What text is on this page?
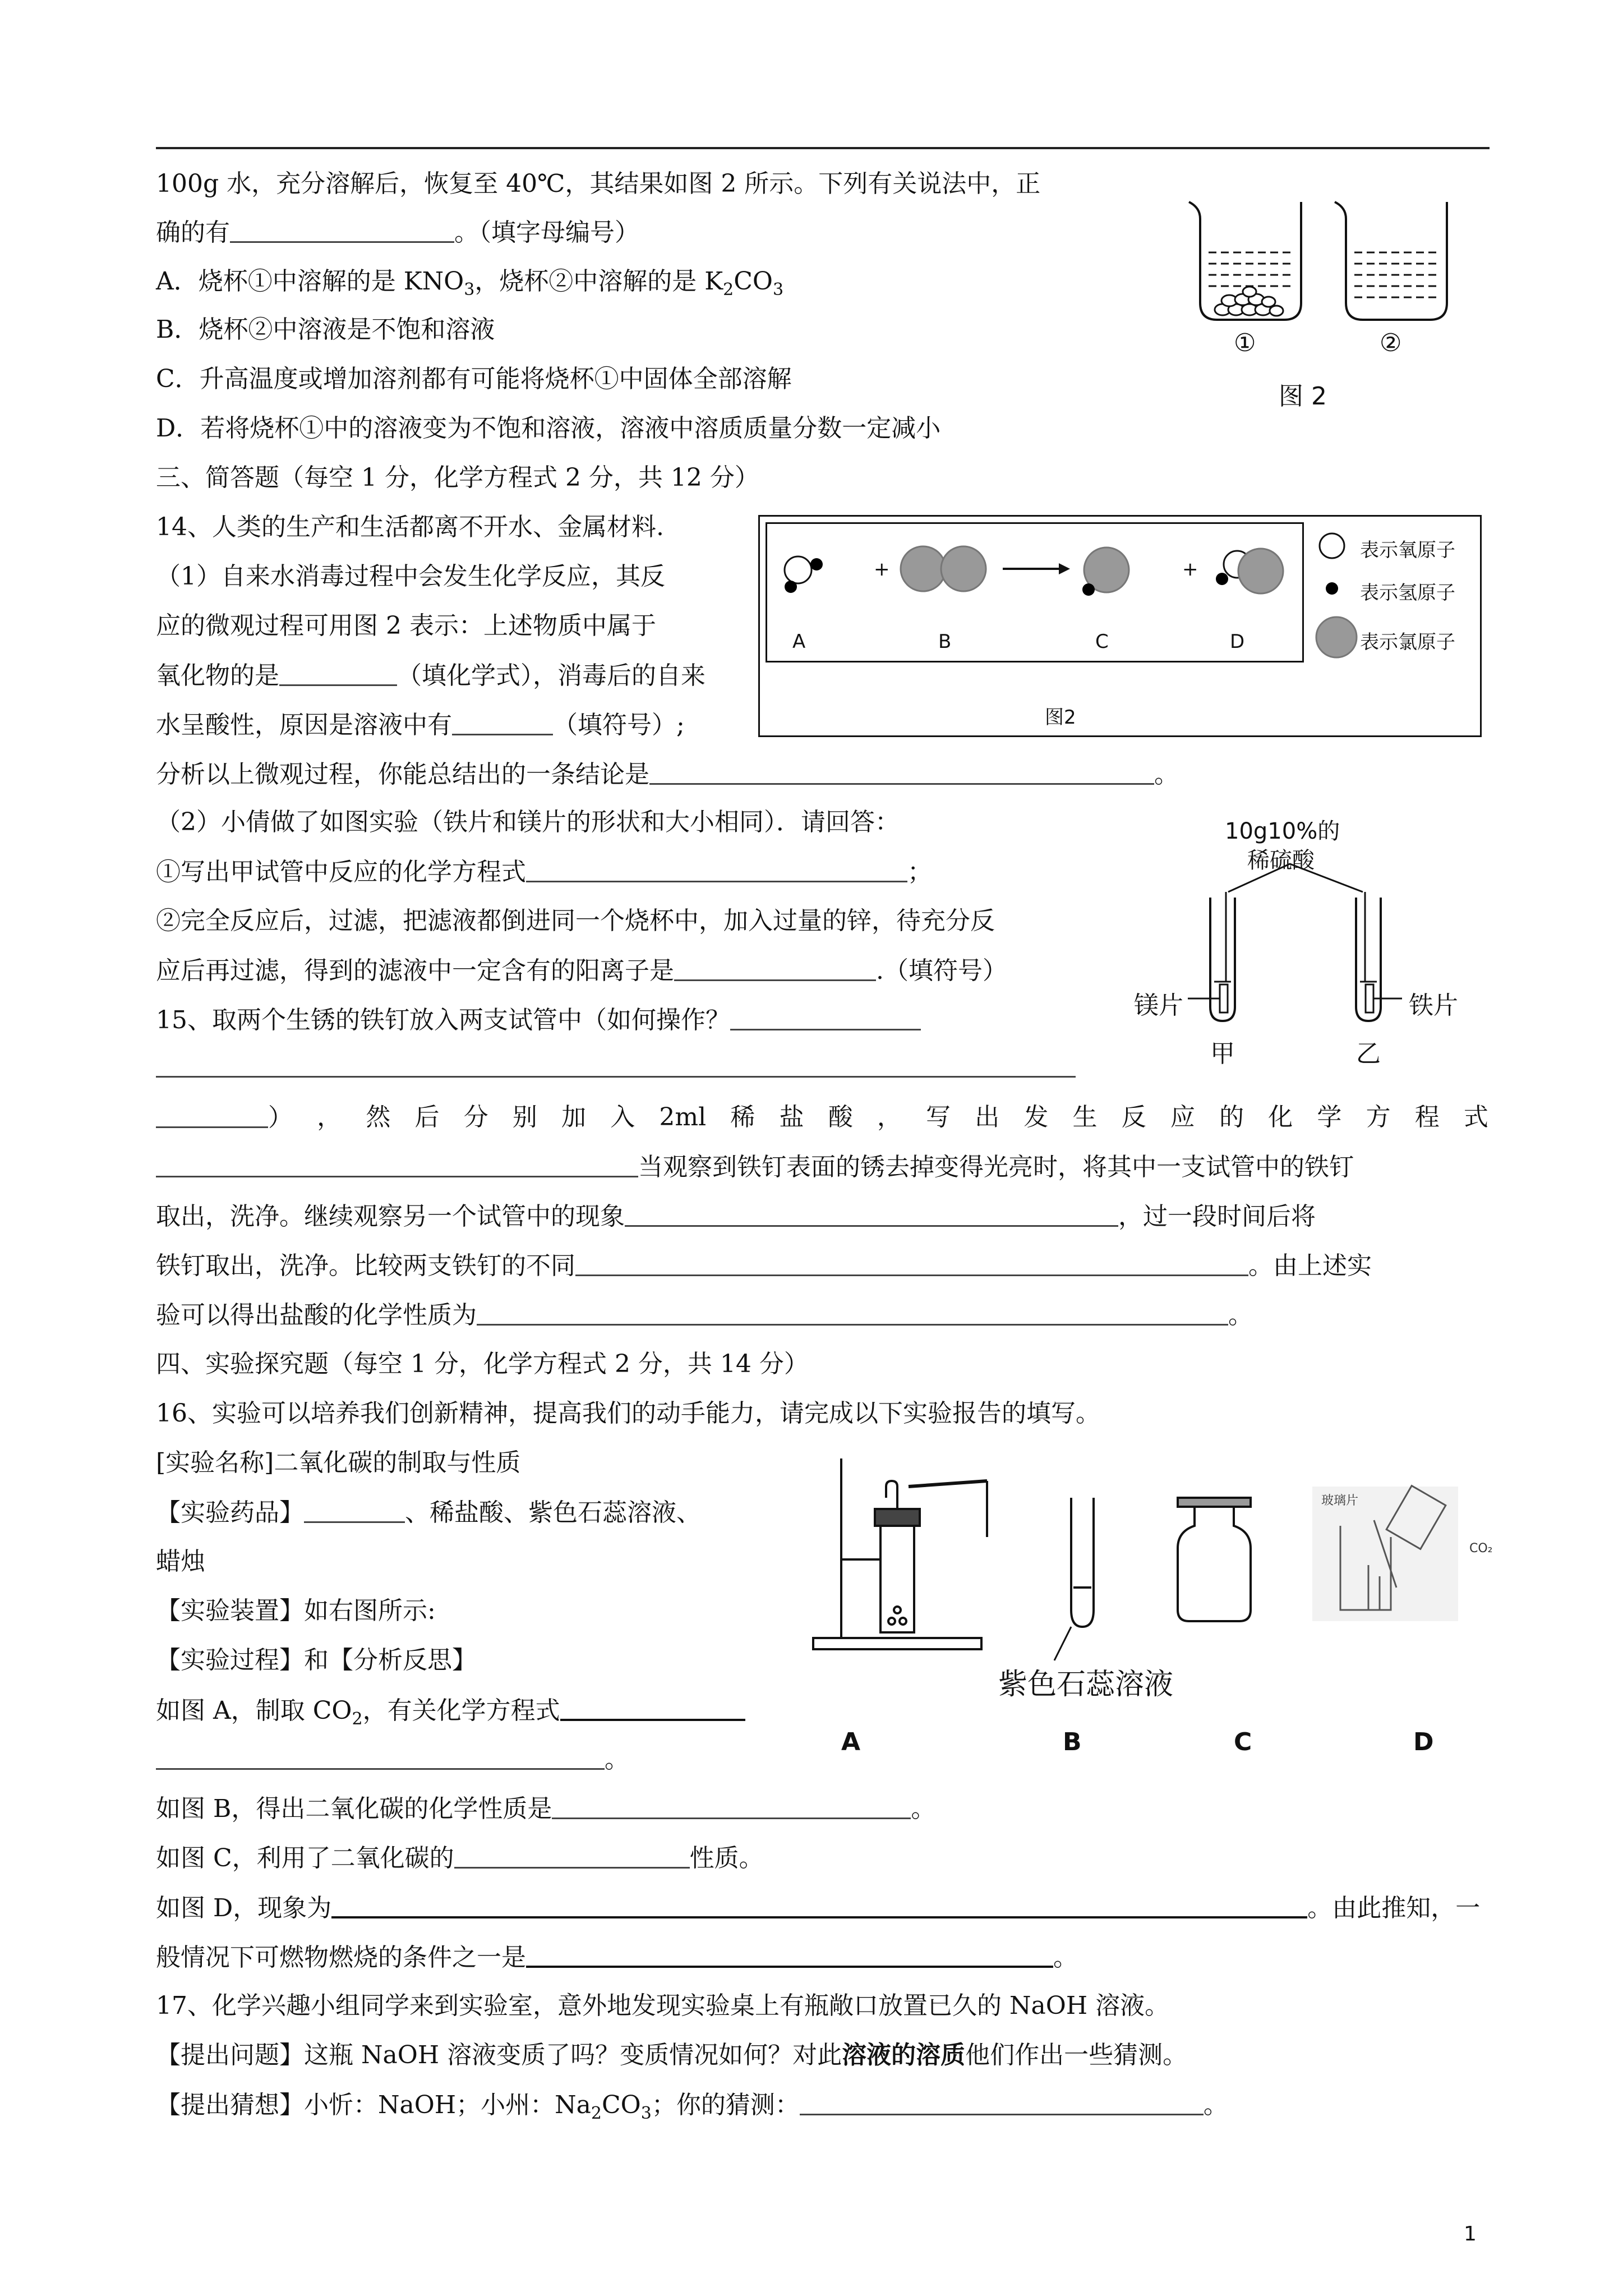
100g 水，充分溶解后，恢复至 40℃，其结果如图 2 所示。下列有关说法中，正
确的有	。（填字母编号）
A．烧杯①中溶解的是 $KNO_3$，烧杯②中溶解的是 $K_2CO_3$
B．烧杯②中溶液是不饱和溶液
C．升高温度或增加溶剂都有可能将烧杯①中固体全部溶解
D．若将烧杯①中的溶液变为不饱和溶液，溶液中溶质质量分数一定减小
三、简答题（每空 1 分，化学方程式 2 分，共 12 分）
14、人类的生产和生活都离不开水、金属材料.
（1）自来水消毒过程中会发生化学反应，其反
应的微观过程可用图 2 表示：上述物质中属于
氧化物的是	（填化学式），消毒后的自来
水呈酸性，原因是溶液中有	（填符号）;
分析以上微观过程，你能总结出的一条结论是	。
（2）小倩做了如图实验（铁片和镁片的形状和大小相同）．请回答：
①写出甲试管中反应的化学方程式	；
②完全反应后，过滤，把滤液都倒进同一个烧杯中，加入过量的锌，待充分反
应后再过滤，得到的滤液中一定含有的阳离子是	.（填符号）
15、取两个生锈的铁钉放入两支试管中（如何操作？
） ， 然 后 分 别 加 入 2ml 稀 盐 酸 ， 写 出 发 生 反 应 的 化 学 方 程 式
当观察到铁钉表面的锈去掉变得光亮时，将其中一支试管中的铁钉
取出，洗净。继续观察另一个试管中的现象	，过一段时间后将
铁钉取出，洗净。比较两支铁钉的不同	。由上述实
验可以得出盐酸的化学性质为	。
四、实验探究题（每空 1 分，化学方程式 2 分，共 14 分）
16、实验可以培养我们创新精神，提高我们的动手能力，请完成以下实验报告的填写。
[实验名称]二氧化碳的制取与性质
【实验药品】	、稀盐酸、紫色石蕊溶液、
蜡烛
【实验装置】如右图所示:
【实验过程】和【分析反思】
如图 A，制取 $CO_2$，有关化学方程式
。
如图 B，得出二氧化碳的化学性质是	。
如图 C，利用了二氧化碳的	性质。
如图 D，现象为	。由此推知，一
般情况下可燃物燃烧的条件之一是	。
17、化学兴趣小组同学来到实验室，意外地发现实验桌上有瓶敞口放置已久的 NaOH 溶液。
【提出问题】这瓶 NaOH 溶液变质了吗？变质情况如何？对此溶液的溶质他们作出一些猜测。
【提出猜想】小忻：NaOH；小州：$Na_2CO_3$；你的猜测：	。
①	②
图 2
+	+
A	B	C	D
表示氧原子
表示氢原子
表示氯原子
图2
10g10%的
稀硫酸
镁片	铁片
甲	乙
玻璃片
CO₂
紫色石蕊溶液
A	B	C	D
1
